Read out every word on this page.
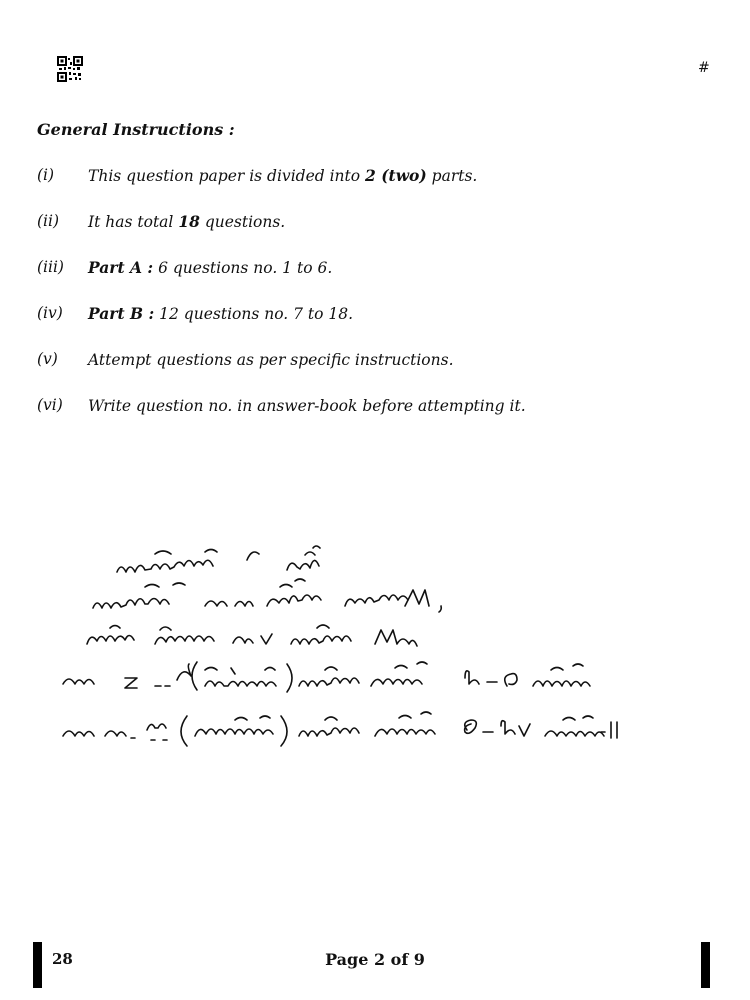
#
General Instructions :
(i) This question paper is divided into 2 (two) parts.
(ii) It has total 18 questions.
(iii) Part A : 6 questions no. 1 to 6.
(iv) Part B : 12 questions no. 7 to 18.
(v) Attempt questions as per specific instructions.
(vi) Write question no. in answer-book before attempting it.
28	Page 2 of 9
